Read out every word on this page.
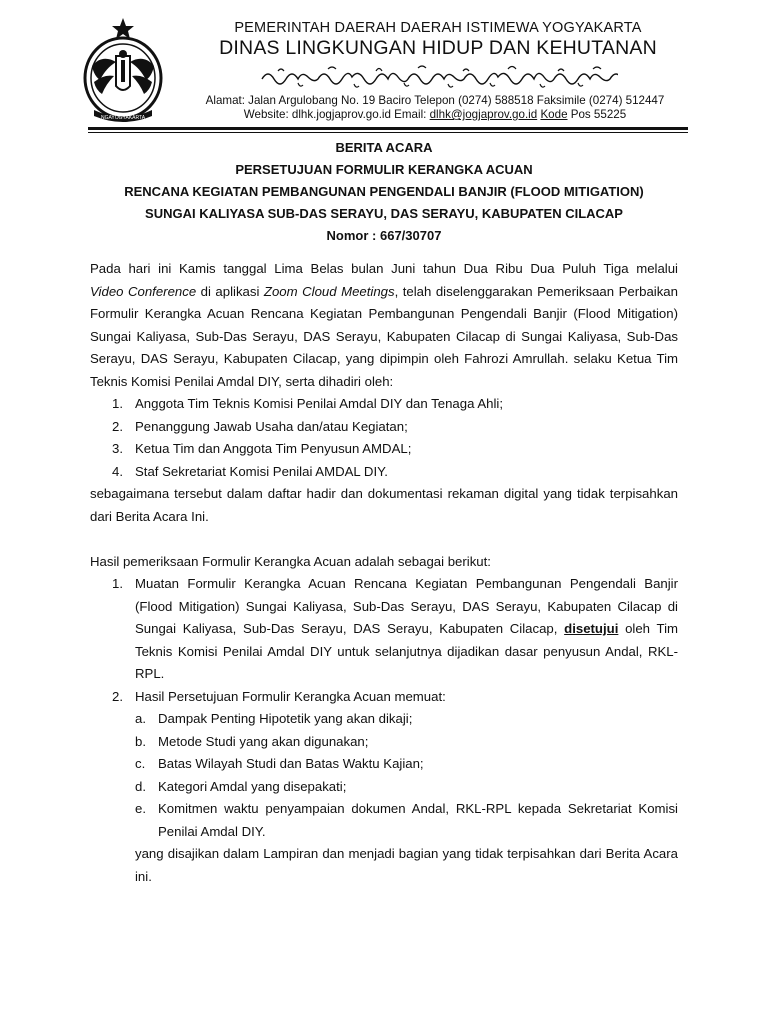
NGAYOGYAKARTA
PEMERINTAH DAERAH DAERAH ISTIMEWA YOGYAKARTA
DINAS LINGKUNGAN HIDUP DAN KEHUTANAN
Alamat: Jalan Argulobang No. 19 Baciro Telepon (0274) 588518 Faksimile (0274) 512447
Website: dlhk.jogjaprov.go.id Email: dlhk@jogjaprov.go.id Kode Pos 55225
BERITA ACARA
PERSETUJUAN FORMULIR KERANGKA ACUAN
RENCANA KEGIATAN PEMBANGUNAN PENGENDALI BANJIR (FLOOD MITIGATION)
SUNGAI KALIYASA SUB-DAS SERAYU, DAS SERAYU, KABUPATEN CILACAP
Nomor : 667/30707

Pada hari ini Kamis tanggal Lima Belas bulan Juni tahun Dua Ribu Dua Puluh Tiga melalui

Video Conference di aplikasi Zoom Cloud Meetings, telah diselenggarakan Pemeriksaan Perbaikan Formulir Kerangka Acuan Rencana Kegiatan Pembangunan Pengendali Banjir (Flood Mitigation) Sungai Kaliyasa, Sub-Das Serayu, DAS Serayu, Kabupaten Cilacap di Sungai Kaliyasa, Sub-Das Serayu, DAS Serayu, Kabupaten Cilacap, yang dipimpin oleh Fahrozi Amrullah. selaku Ketua Tim Teknis Komisi Penilai Amdal DIY, serta dihadiri oleh:

1. Anggota Tim Teknis Komisi Penilai Amdal DIY dan Tenaga Ahli;
2. Penanggung Jawab Usaha dan/atau Kegiatan;
3. Ketua Tim dan Anggota Tim Penyusun AMDAL;
4. Staf Sekretariat Komisi Penilai AMDAL DIY.

sebagaimana tersebut dalam daftar hadir dan dokumentasi rekaman digital yang tidak terpisahkan dari Berita Acara Ini.

Hasil pemeriksaan Formulir Kerangka Acuan adalah sebagai berikut:

1. Muatan Formulir Kerangka Acuan Rencana Kegiatan Pembangunan Pengendali Banjir (Flood Mitigation) Sungai Kaliyasa, Sub-Das Serayu, DAS Serayu, Kabupaten Cilacap di Sungai Kaliyasa, Sub-Das Serayu, DAS Serayu, Kabupaten Cilacap, disetujui oleh Tim Teknis Komisi Penilai Amdal DIY untuk selanjutnya dijadikan dasar penyusun Andal, RKL-RPL.
2. Hasil Persetujuan Formulir Kerangka Acuan memuat:
a. Dampak Penting Hipotetik yang akan dikaji;
b. Metode Studi yang akan digunakan;
c. Batas Wilayah Studi dan Batas Waktu Kajian;
d. Kategori Amdal yang disepakati;
e. Komitmen waktu penyampaian dokumen Andal, RKL-RPL kepada Sekretariat Komisi Penilai Amdal DIY.
yang disajikan dalam Lampiran dan menjadi bagian yang tidak terpisahkan dari Berita Acara ini.
